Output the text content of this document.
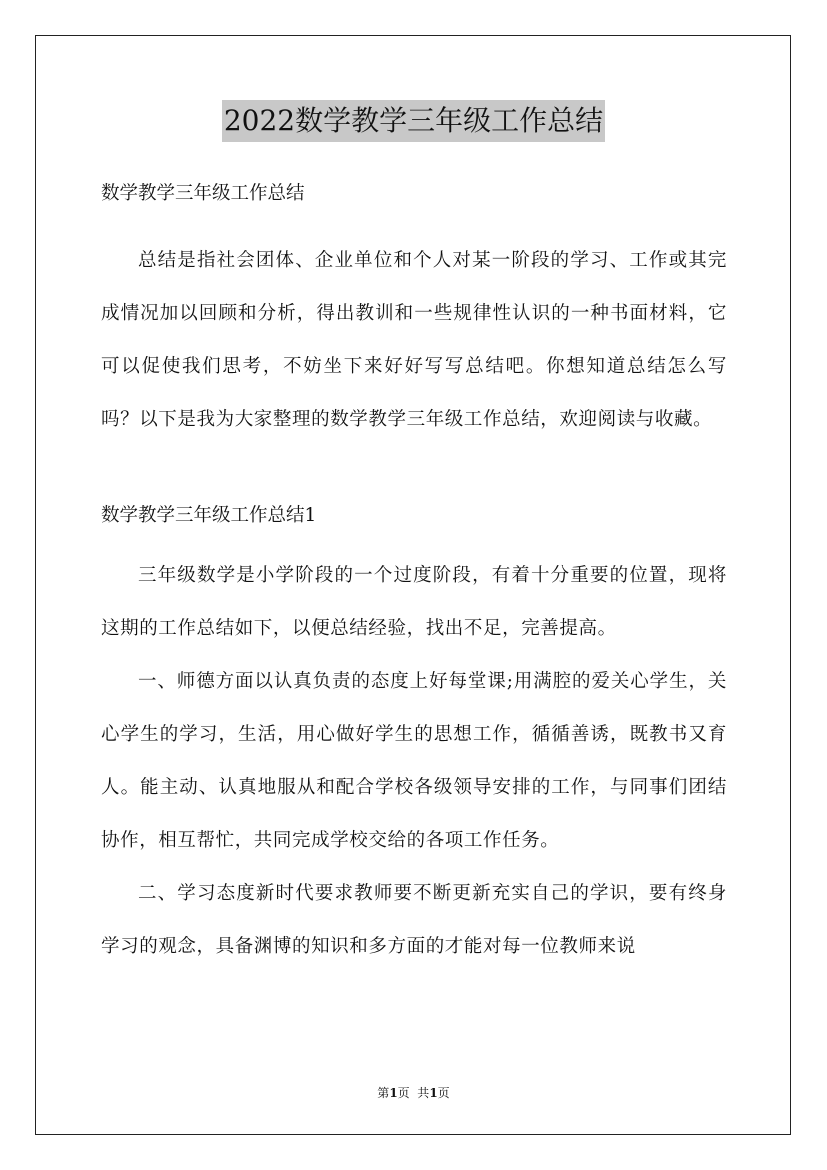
2022数学教学三年级工作总结

数学教学三年级工作总结

总结是指社会团体、企业单位和个人对某一阶段的学习、工作或其完成情况加以回顾和分析，得出教训和一些规律性认识的一种书面材料，它可以促使我们思考，不妨坐下来好好写写总结吧。你想知道总结怎么写吗？以下是我为大家整理的数学教学三年级工作总结，欢迎阅读与收藏。

数学教学三年级工作总结1

三年级数学是小学阶段的一个过度阶段，有着十分重要的位置，现将这期的工作总结如下，以便总结经验，找出不足，完善提高。

一、师德方面以认真负责的态度上好每堂课;用满腔的爱关心学生，关心学生的学习，生活，用心做好学生的思想工作，循循善诱，既教书又育人。能主动、认真地服从和配合学校各级领导安排的工作，与同事们团结协作，相互帮忙，共同完成学校交给的各项工作任务。

二、学习态度新时代要求教师要不断更新充实自己的学识，要有终身学习的观念，具备渊博的知识和多方面的才能对每一位教师来说

第1页  共1页
